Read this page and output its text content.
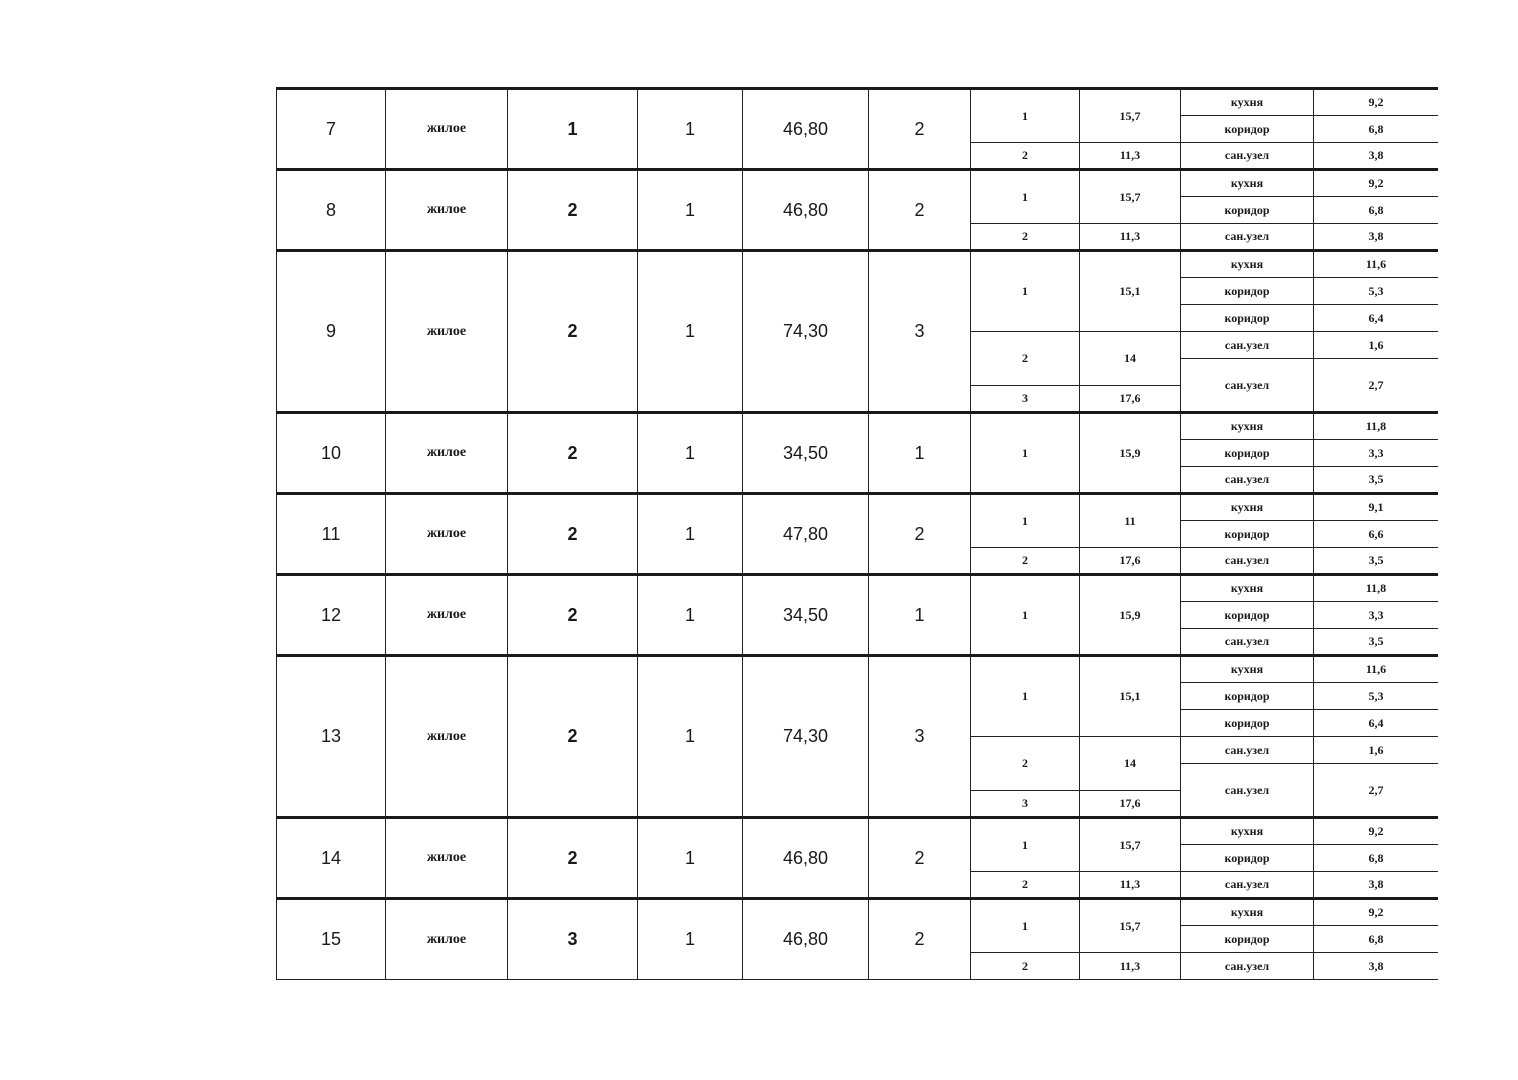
7	жилое	1	1	46,80	2	1	15,7	кухня	9,2
								коридор	6,8
						2	11,3	сан.узел	3,8
8	жилое	2	1	46,80	2	1	15,7	кухня	9,2
								коридор	6,8
						2	11,3	сан.узел	3,8
9	жилое	2	1	74,30	3	1	15,1	кухня	11,6
								коридор	5,3
								коридор	6,4
						2	14	сан.узел	1,6
								сан.узел	2,7
						3	17,6		
10	жилое	2	1	34,50	1	1	15,9	кухня	11,8
								коридор	3,3
								сан.узел	3,5
11	жилое	2	1	47,80	2	1	11	кухня	9,1
								коридор	6,6
						2	17,6	сан.узел	3,5
12	жилое	2	1	34,50	1	1	15,9	кухня	11,8
								коридор	3,3
								сан.узел	3,5
13	жилое	2	1	74,30	3	1	15,1	кухня	11,6
								коридор	5,3
								коридор	6,4
						2	14	сан.узел	1,6
								сан.узел	2,7
						3	17,6		
14	жилое	2	1	46,80	2	1	15,7	кухня	9,2
								коридор	6,8
						2	11,3	сан.узел	3,8
15	жилое	3	1	46,80	2	1	15,7	кухня	9,2
								коридор	6,8
						2	11,3	сан.узел	3,8
